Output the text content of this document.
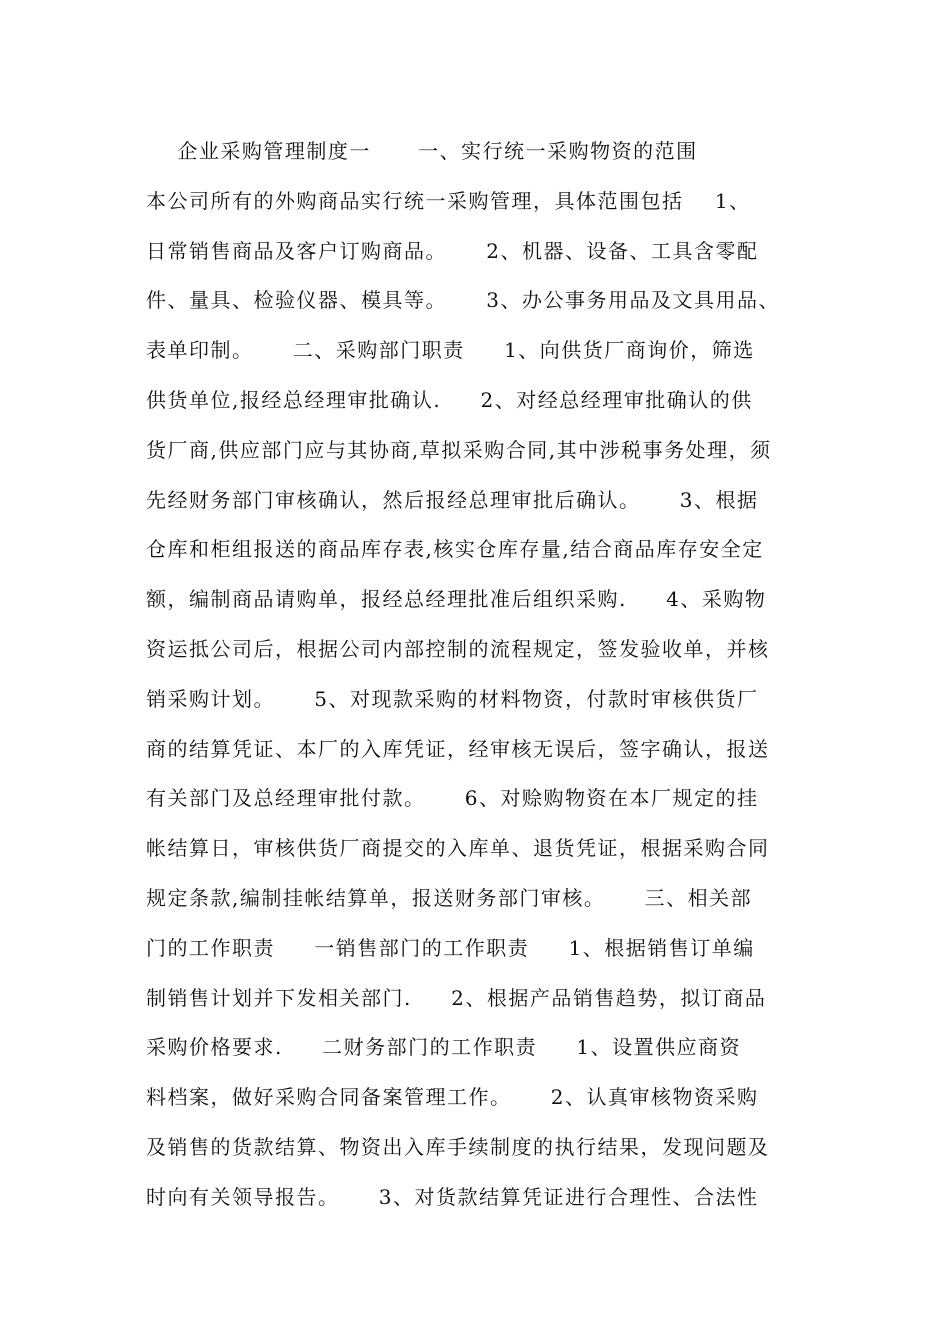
企业采购管理制度一      一、实行统一采购物资的范围
本公司所有的外购商品实行统一采购管理，具体范围包括    1、
日常销售商品及客户订购商品。     2、机器、设备、工具含零配
件、量具、检验仪器、模具等。     3、办公事务用品及文具用品、
表单印制。     二、采购部门职责     1、向供货厂商询价，筛选
供货单位,报经总经理审批确认.     2、对经总经理审批确认的供
货厂商,供应部门应与其协商,草拟采购合同,其中涉税事务处理，须
先经财务部门审核确认，然后报经总理审批后确认。     3、根据
仓库和柜组报送的商品库存表,核实仓库存量,结合商品库存安全定
额，编制商品请购单，报经总经理批准后组织采购.     4、采购物
资运抵公司后，根据公司内部控制的流程规定，签发验收单，并核
销采购计划。     5、对现款采购的材料物资，付款时审核供货厂
商的结算凭证、本厂的入库凭证，经审核无误后，签字确认，报送
有关部门及总经理审批付款。     6、对赊购物资在本厂规定的挂
帐结算日，审核供货厂商提交的入库单、退货凭证，根据采购合同
规定条款,编制挂帐结算单，报送财务部门审核。     三、相关部
门的工作职责     一销售部门的工作职责     1、根据销售订单编
制销售计划并下发相关部门.     2、根据产品销售趋势，拟订商品
采购价格要求.     二财务部门的工作职责     1、设置供应商资
料档案，做好采购合同备案管理工作。     2、认真审核物资采购
及销售的货款结算、物资出入库手续制度的执行结果，发现问题及
时向有关领导报告。     3、对货款结算凭证进行合理性、合法性
